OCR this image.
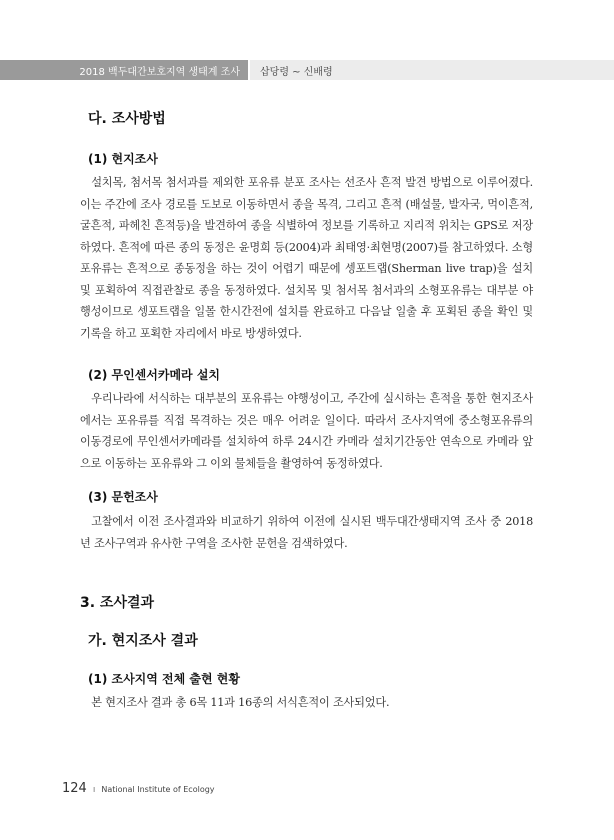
2018 백두대간보호지역 생태계 조사	삽당령 ~ 신배령
다. 조사방법
(1) 현지조사

설치목, 첨서목 첨서과를 제외한 포유류 분포 조사는 선조사 흔적 발견 방법으로 이루어졌다. 이는 주간에 조사 경로를 도보로 이동하면서 종을 목격, 그리고 흔적 (배설물, 발자국, 먹이흔적, 굴흔적, 파헤친 흔적등)을 발견하여 종을 식별하여 정보를 기록하고 지리적 위치는 GPS로 저장하였다. 흔적에 따른 종의 동정은 윤명희 등(2004)과 최태영·최현명(2007)를 참고하였다. 소형포유류는 흔적으로 종동정을 하는 것이 어렵기 때문에 셍포트랩(Sherman live trap)을 설치 및 포획하여 직접관찰로 종을 동정하였다. 설치목 및 첨서목 첨서과의 소형포유류는 대부분 야행성이므로 셍포트랩을 일몰 한시간전에 설치를 완료하고 다음날 일출 후 포획된 종을 확인 및 기록을 하고 포획한 자리에서 바로 방생하였다.

(2) 무인센서카메라 설치

우리나라에 서식하는 대부분의 포유류는 야행성이고, 주간에 실시하는 흔적을 통한 현지조사에서는 포유류를 직접 목격하는 것은 매우 어려운 일이다. 따라서 조사지역에 중소형포유류의 이동경로에 무인센서카메라를 설치하여 하루 24시간 카메라 설치기간동안 연속으로 카메라 앞으로 이동하는 포유류와 그 이외 물체들을 촬영하여 동정하였다.

(3) 문헌조사

고찰에서 이전 조사결과와 비교하기 위하여 이전에 실시된 백두대간생태지역 조사 중 2018년 조사구역과 유사한 구역을 조사한 문헌을 검색하였다.

3. 조사결과
가. 현지조사 결과
(1) 조사지역 전체 출현 현황

본 현지조사 결과 총 6목 11과 16종의 서식흔적이 조사되었다.

124 ı National Institute of Ecology
